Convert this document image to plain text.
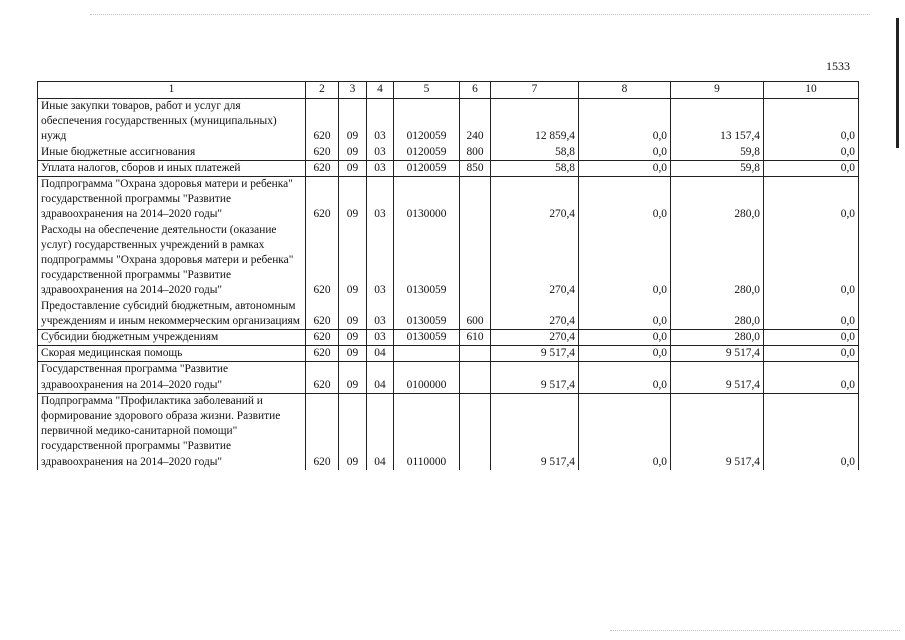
1533
1	2	3	4	5	6	7	8	9	10
Иные закупки товаров, работ и услуг для обеспечения государственных (муниципальных) нужд	620	09	03	0120059	240	12 859,4	0,0	13 157,4	0,0
Иные бюджетные ассигнования	620	09	03	0120059	800	58,8	0,0	59,8	0,0
Уплата налогов, сборов и иных платежей	620	09	03	0120059	850	58,8	0,0	59,8	0,0
Подпрограмма "Охрана здоровья матери и ребенка" государственной программы "Развитие здравоохранения на 2014–2020 годы"	620	09	03	0130000		270,4	0,0	280,0	0,0
Расходы на обеспечение деятельности (оказание услуг) государственных учреждений в рамках подпрограммы "Охрана здоровья матери и ребенка" государственной программы "Развитие здравоохранения на 2014–2020 годы"	620	09	03	0130059		270,4	0,0	280,0	0,0
Предоставление субсидий бюджетным, автономным учреждениям и иным некоммерческим организациям	620	09	03	0130059	600	270,4	0,0	280,0	0,0
Субсидии бюджетным учреждениям	620	09	03	0130059	610	270,4	0,0	280,0	0,0
Скорая медицинская помощь	620	09	04			9 517,4	0,0	9 517,4	0,0
Государственная программа "Развитие здравоохранения на 2014–2020 годы"	620	09	04	0100000		9 517,4	0,0	9 517,4	0,0
Подпрограмма "Профилактика заболеваний и формирование здорового образа жизни. Развитие первичной медико-санитарной помощи" государственной программы "Развитие здравоохранения на 2014–2020 годы"	620	09	04	0110000		9 517,4	0,0	9 517,4	0,0
